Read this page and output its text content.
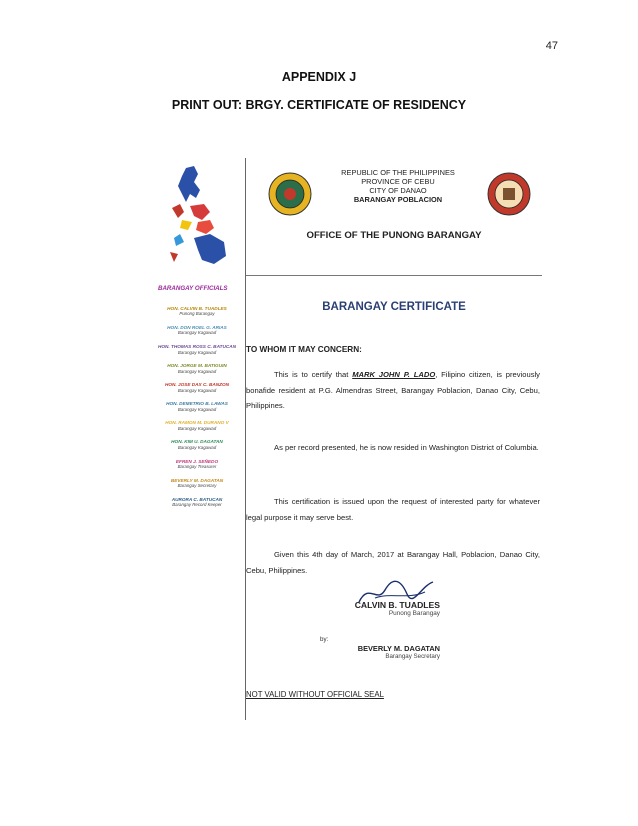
47
APPENDIX J
PRINT OUT: BRGY. CERTIFICATE OF RESIDENCY
BARANGAY OFFICIALS
HON. CALVIN B. TUADLES
Punong Barangay
HON. DON ROEL G. ARIAS
Barangay Kagawad
HON. THOMAS ROSS C. BATUCAN
Barangay Kagawad
HON. JORGE M. BATIGUIN
Barangay Kagawad
HON. JOSE DAX C. BANZON
Barangay Kagawad
HON. DEMETRIO B. LAWAS
Barangay Kagawad
HON. RAMON M. DURANO V
Barangay Kagawad
HON. KIM U. DAGATAN
Barangay Kagawad
EFREN J. SEÑEDO
Barangay Treasurer
BEVERLY M. DAGATAN
Barangay Secretary
AURORA C. BATUCAN
Barangay Record Keeper
REPUBLIC OF THE PHILIPPINES
PROVINCE OF CEBU
CITY OF DANAO
BARANGAY POBLACION
OFFICE OF THE PUNONG BARANGAY
BARANGAY CERTIFICATE
TO WHOM IT MAY CONCERN:
This is to certify that MARK JOHN P. LADO, Filipino citizen, is previously bonafide resident at P.G. Almendras Street, Barangay Poblacion, Danao City, Cebu, Philippines.
As per record presented, he is now resided in Washington District of Columbia.
This certification is issued upon the request of interested party for whatever legal purpose it may serve best.
Given this 4th day of March, 2017 at Barangay Hall, Poblacion, Danao City, Cebu, Philippines.
CALVIN B. TUADLES
Punong Barangay
by:
BEVERLY M. DAGATAN
Barangay Secretary
NOT VALID WITHOUT OFFICIAL SEAL
